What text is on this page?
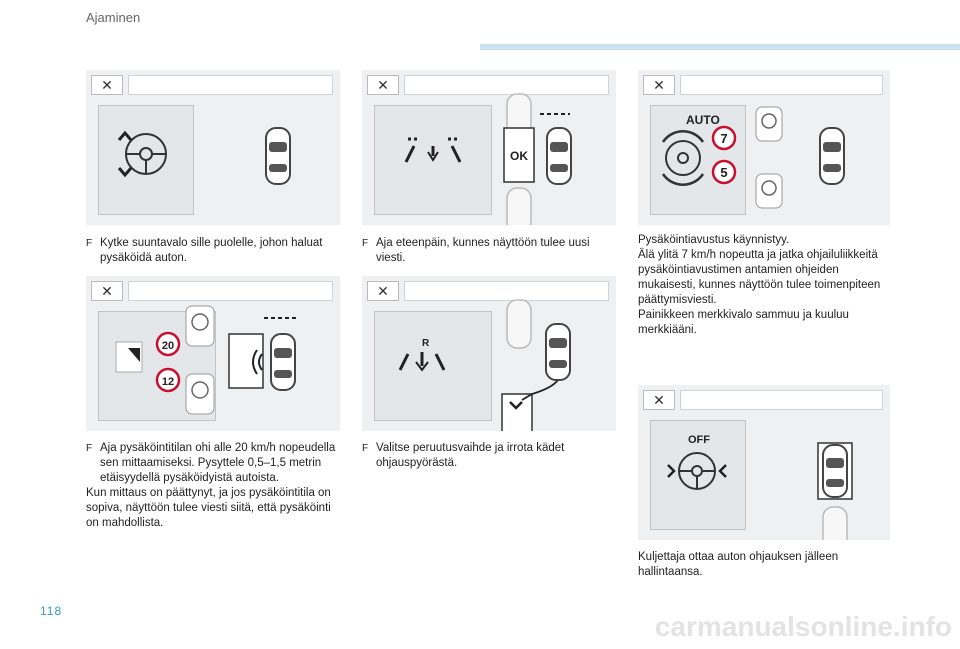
Ajaminen
✕	✕
OK
✕
AUTO
7
5
F Kytke suuntavalo sille puolelle, johon haluat pysäköidä auton.
F Aja eteenpäin, kunnes näyttöön tulee uusi viesti.
Pysäköintiavustus käynnistyy.
Älä ylitä 7 km/h nopeutta ja jatka ohjailuliikkeitä pysäköintiavustimen antamien ohjeiden mukaisesti, kunnes näyttöön tulee toimenpiteen päättymisviesti.
Painikkeen merkkivalo sammuu ja kuuluu merkkiääni.
✕
20
12
✕
R
✕
OFF
F Aja pysäköintitilan ohi alle 20 km/h nopeudella sen mittaamiseksi. Pysyttele 0,5–1,5 metrin etäisyydellä pysäköidyistä autoista.
Kun mittaus on päättynyt, ja jos pysäköintitila on sopiva, näyttöön tulee viesti siitä, että pysäköinti on mahdollista.
F Valitse peruutusvaihde ja irrota kädet ohjauspyörästä.
Kuljettaja ottaa auton ohjauksen jälleen hallintaansa.
118	carmanualsonline.info
